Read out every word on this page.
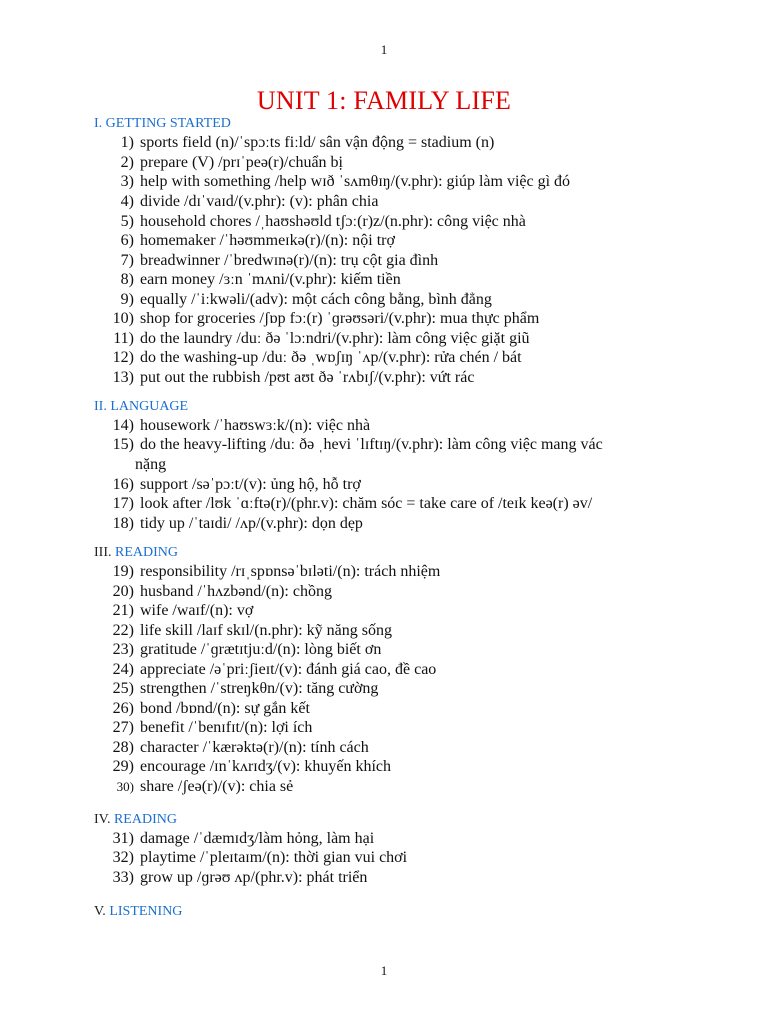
1
UNIT 1: FAMILY LIFE
I. GETTING STARTED
II. LANGUAGE
III. READING
IV. READING
V. LISTENING
1) sports field (n)/ˈspɔːts fiːld/ sân vận động = stadium (n)
2) prepare (V) /prɪˈpeə(r)/chuẩn bị
3) help with something /help wɪð ˈsʌmθɪŋ/(v.phr): giúp làm việc gì đó
4) divide /dɪˈvaɪd/(v.phr): (v): phân chia
5) household chores /ˌhaʊshəʊld tʃɔː(r)z/(n.phr): công việc nhà
6) homemaker /ˈhəʊmmeɪkə(r)/(n): nội trợ
7) breadwinner /ˈbredwɪnə(r)/(n): trụ cột gia đình
8) earn money /ɜːn ˈmʌni/(v.phr): kiếm tiền
9) equally /ˈiːkwəli/(adv): một cách công bằng, bình đẳng
10) shop for groceries /ʃɒp fɔː(r) ˈɡrəʊsəri/(v.phr): mua thực phẩm
11) do the laundry /duː ðə ˈlɔːndri/(v.phr): làm công việc giặt giũ
12) do the washing-up /duː ðə ˌwɒʃɪŋ ˈʌp/(v.phr): rửa chén / bát
13) put out the rubbish /pʊt aʊt ðə ˈrʌbɪʃ/(v.phr): vứt rác
14) housework /ˈhaʊswɜːk/(n): việc nhà
15) do the heavy-lifting /duː ðə ˌhevi ˈlɪftɪŋ/(v.phr): làm công việc mang vác
nặng
16) support /səˈpɔːt/(v): ủng hộ, hỗ trợ
17) look after /lʊk ˈɑːftə(r)/(phr.v): chăm sóc = take care of /teɪk keə(r) əv/
18) tidy up /ˈtaɪdi/ /ʌp/(v.phr): dọn dẹp
19) responsibility /rɪˌspɒnsəˈbɪləti/(n): trách nhiệm
20) husband /ˈhʌzbənd/(n): chồng
21) wife /waɪf/(n): vợ
22) life skill /laɪf skɪl/(n.phr): kỹ năng sống
23) gratitude /ˈɡrætɪtjuːd/(n): lòng biết ơn
24) appreciate /əˈpriːʃieɪt/(v): đánh giá cao, đề cao
25) strengthen /ˈstreŋkθn/(v): tăng cường
26) bond /bɒnd/(n): sự gắn kết
27) benefit /ˈbenɪfɪt/(n): lợi ích
28) character /ˈkærəktə(r)/(n): tính cách
29) encourage /ɪnˈkʌrɪdʒ/(v): khuyến khích
30) share /ʃeə(r)/(v): chia sẻ
31) damage /ˈdæmɪdʒ/làm hỏng, làm hại
32) playtime /ˈpleɪtaɪm/(n): thời gian vui chơi
33) grow up /ɡrəʊ ʌp/(phr.v): phát triển
1
